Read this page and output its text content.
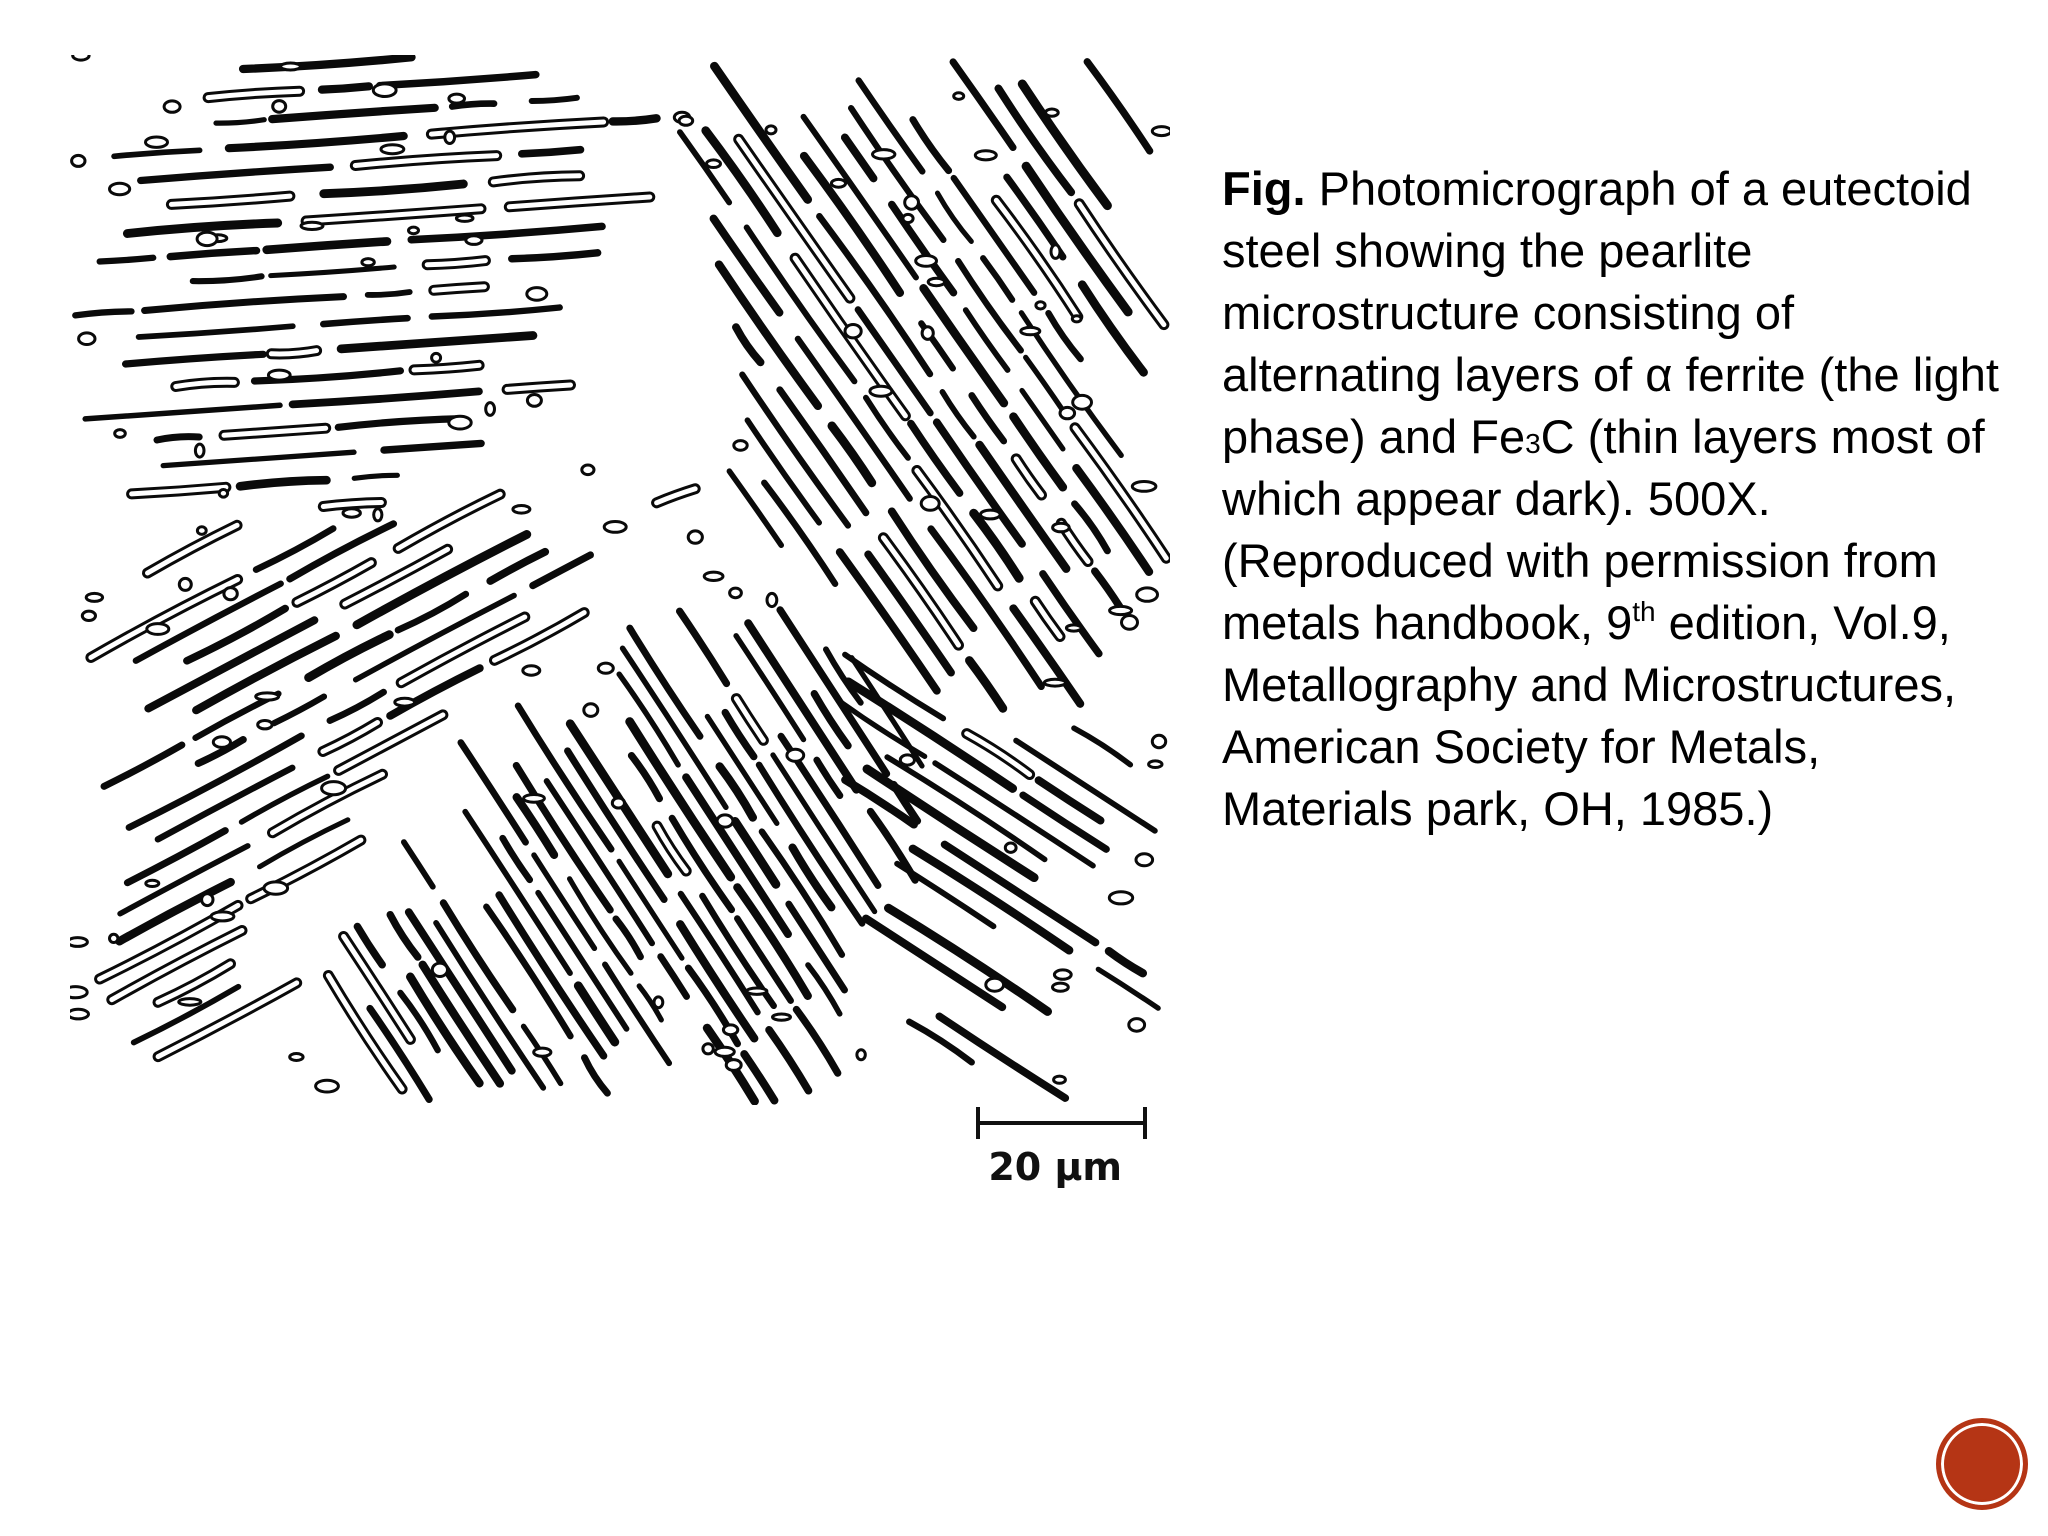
20 μm
Fig. Photomicrograph of a eutectoid steel showing the pearlite microstructure consisting of alternating layers of α ferrite (the light phase) and Fe3C (thin layers most of which appear dark). 500X. (Reproduced with permission from metals handbook, 9th edition, Vol.9, Metallography and Microstructures, American Society for Metals, Materials park, OH, 1985.)
